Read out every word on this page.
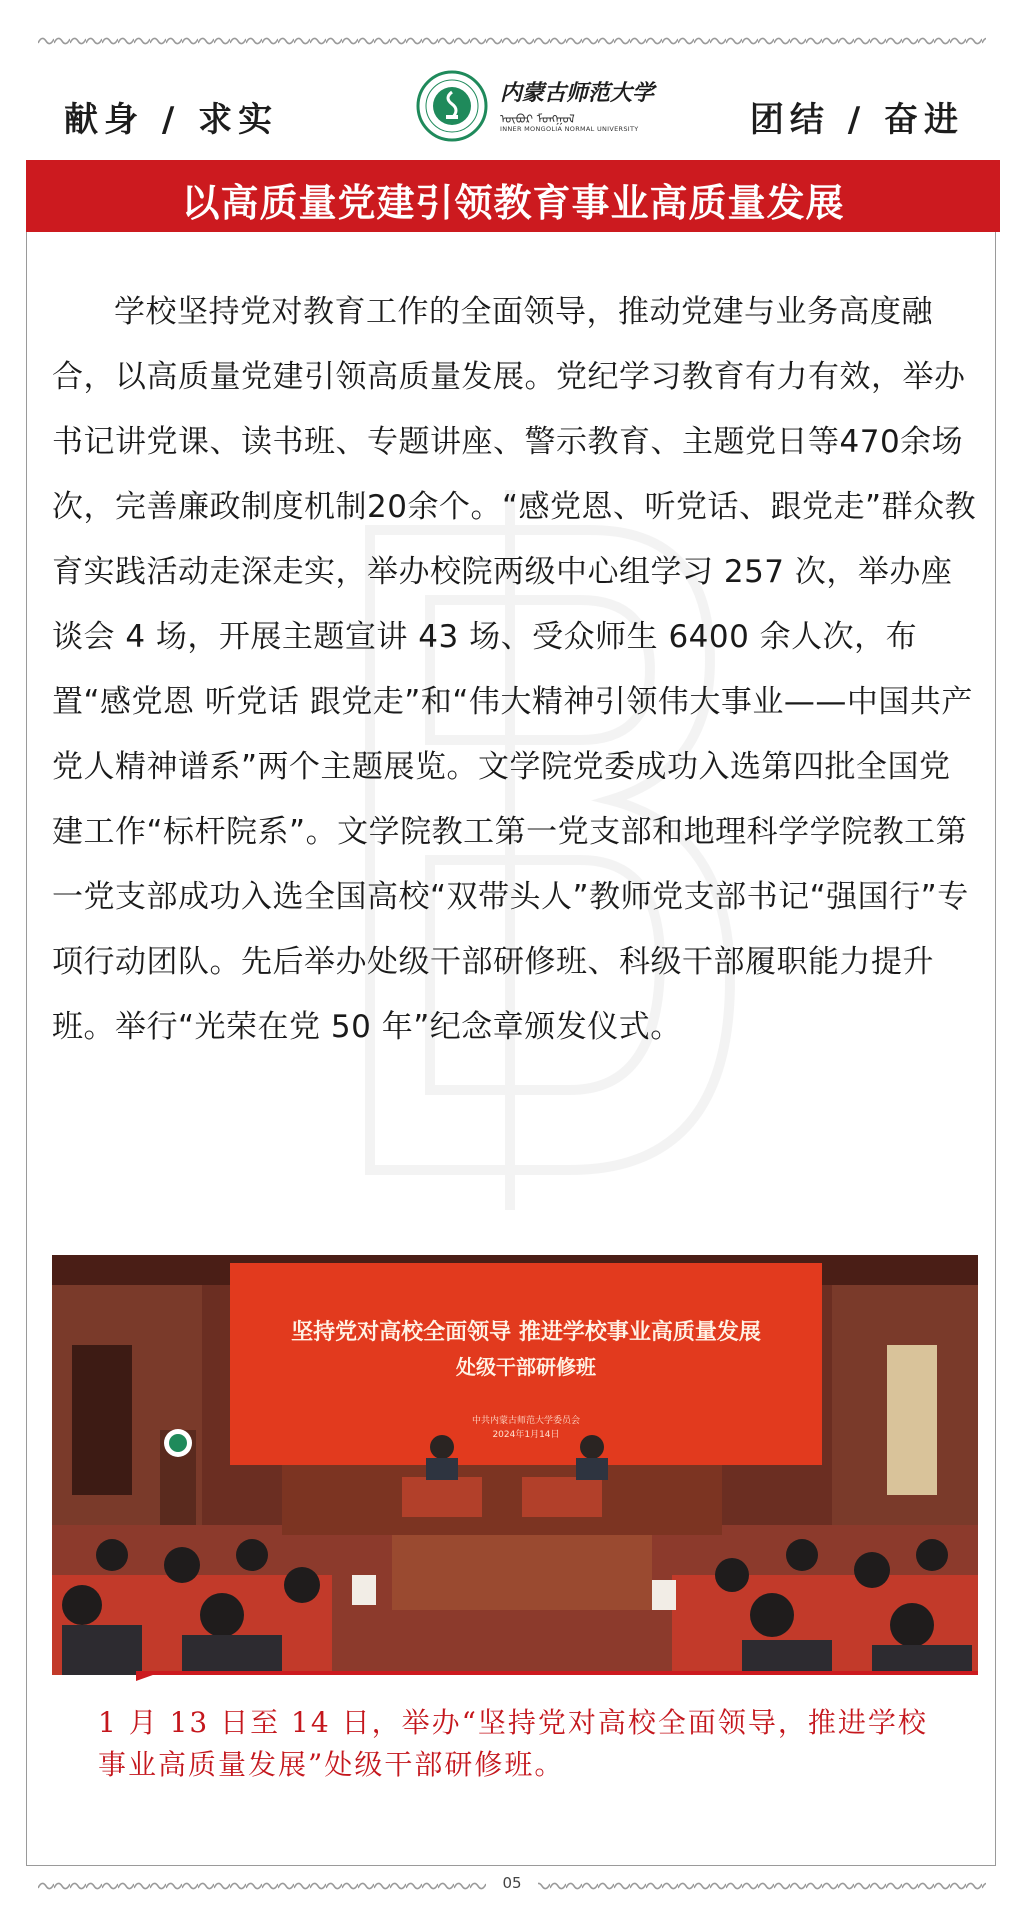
献身 / 求实
内蒙古师范大学
ᠦᠪᠦᠷ ᠮᠣᠩᠭᠣᠯ
INNER MONGOLIA NORMAL UNIVERSITY	团结 / 奋进
以高质量党建引领教育事业高质量发展

学校坚持党对教育工作的全面领导，推动党建与业务高度融合，以高质量党建引领高质量发展。党纪学习教育有力有效，举办书记讲党课、读书班、专题讲座、警示教育、主题党日等470余场次，完善廉政制度机制20余个。“感党恩、听党话、跟党走”群众教育实践活动走深走实，举办校院两级中心组学习 257 次，举办座谈会 4 场，开展主题宣讲 43 场、受众师生 6400 余人次，布置“感党恩 听党话 跟党走”和“伟大精神引领伟大事业——中国共产党人精神谱系”两个主题展览。文学院党委成功入选第四批全国党建工作“标杆院系”。文学院教工第一党支部和地理科学学院教工第一党支部成功入选全国高校“双带头人”教师党支部书记“强国行”专项行动团队。先后举办处级干部研修班、科级干部履职能力提升班。举行“光荣在党 50 年”纪念章颁发仪式。

坚持党对高校全面领导 推进学校事业高质量发展
处级干部研修班
中共内蒙古师范大学委员会
2024年1月14日

1 月 13 日至 14 日，举办“坚持党对高校全面领导，推进学校事业高质量发展”处级干部研修班。

05
